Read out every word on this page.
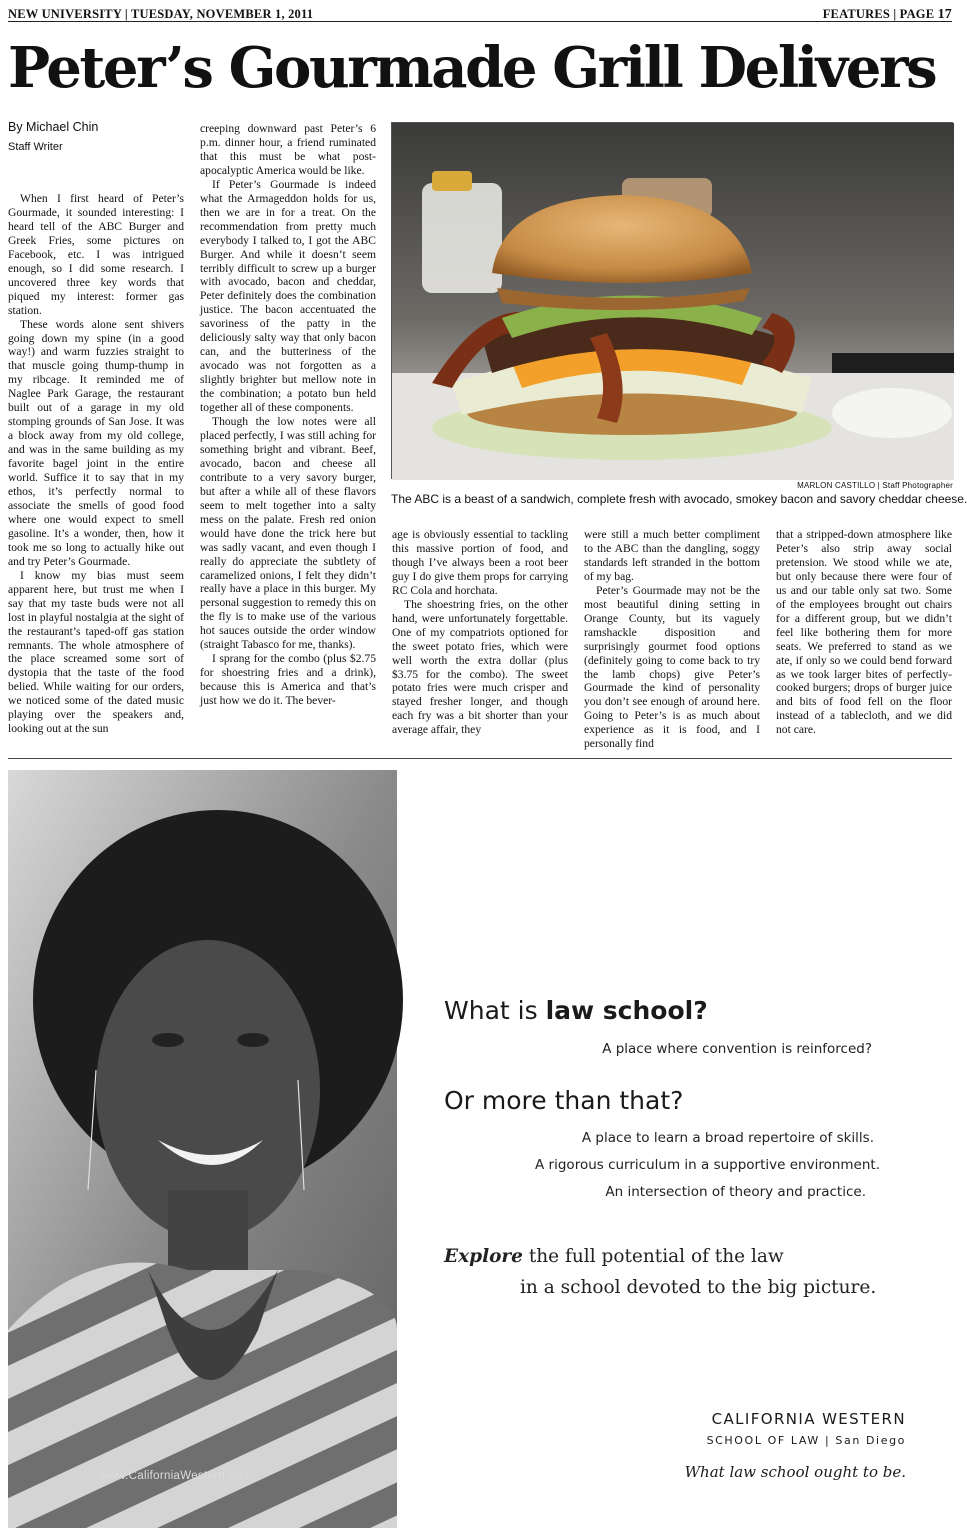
NEW UNIVERSITY | TUESDAY, NOVEMBER 1, 2011	FEATURES | PAGE 17
Peter’s Gourmade Grill Delivers
By Michael Chin
Staff Writer

When I first heard of Peter’s Gourmade, it sounded interesting: I heard tell of the ABC Burger and Greek Fries, some pictures on Facebook, etc. I was intrigued enough, so I did some research. I uncovered three key words that piqued my interest: former gas station.

These words alone sent shivers going down my spine (in a good way!) and warm fuzzies straight to that muscle going thump-thump in my ribcage. It reminded me of Naglee Park Garage, the restaurant built out of a garage in my old stomping grounds of San Jose. It was a block away from my old college, and was in the same building as my favorite bagel joint in the entire world. Suffice it to say that in my ethos, it’s perfectly normal to associate the smells of good food where one would expect to smell gasoline. It’s a wonder, then, how it took me so long to actually hike out and try Peter’s Gourmade.

I know my bias must seem apparent here, but trust me when I say that my taste buds were not all lost in playful nostalgia at the sight of the restaurant’s taped-off gas station remnants. The whole atmosphere of the place screamed some sort of dystopia that the taste of the food belied. While waiting for our orders, we noticed some of the dated music playing over the speakers and, looking out at the sun

creeping downward past Peter’s 6 p.m. dinner hour, a friend ruminated that this must be what post-apocalyptic America would be like.

If Peter’s Gourmade is indeed what the Armageddon holds for us, then we are in for a treat. On the recommendation from pretty much everybody I talked to, I got the ABC Burger. And while it doesn’t seem terribly difficult to screw up a burger with avocado, bacon and cheddar, Peter definitely does the combination justice. The bacon accentuated the savoriness of the patty in the deliciously salty way that only bacon can, and the butteriness of the avocado was not forgotten as a slightly brighter but mellow note in the combination; a potato bun held together all of these components.

Though the low notes were all placed perfectly, I was still aching for something bright and vibrant. Beef, avocado, bacon and cheese all contribute to a very savory burger, but after a while all of these flavors seem to melt together into a salty mess on the palate. Fresh red onion would have done the trick here but was sadly vacant, and even though I really do appreciate the subtlety of caramelized onions, I felt they didn’t really have a place in this burger. My personal suggestion to remedy this on the fly is to make use of the various hot sauces outside the order window (straight Tabasco for me, thanks).

I sprang for the combo (plus $2.75 for shoestring fries and a drink), because this is America and that’s just how we do it. The bever-

age is obviously essential to tackling this massive portion of food, and though I’ve always been a root beer guy I do give them props for carrying RC Cola and horchata.

The shoestring fries, on the other hand, were unfortunately forgettable. One of my compatriots optioned for the sweet potato fries, which were well worth the extra dollar (plus $3.75 for the combo). The sweet potato fries were much crisper and stayed fresher longer, and though each fry was a bit shorter than your average affair, they

were still a much better compliment to the ABC than the dangling, soggy standards left stranded in the bottom of my bag.

Peter’s Gourmade may not be the most beautiful dining setting in Orange County, but its vaguely ramshackle disposition and surprisingly gourmet food options (definitely going to come back to try the lamb chops) give Peter’s Gourmade the kind of personality you don’t see enough of around here. Going to Peter’s is as much about experience as it is food, and I personally find

that a stripped-down atmosphere like Peter’s also strip away social pretension. We stood while we ate, but only because there were four of us and our table only sat two. Some of the employees brought out chairs for a different group, but we didn’t feel like bothering them for more seats. We preferred to stand as we ate, if only so we could bend forward as we took larger bites of perfectly-cooked burgers; drops of burger juice and bits of food fell on the floor instead of a tablecloth, and we did not care.

MARLON CASTILLO | Staff Photographer
The ABC is a beast of a sandwich, complete fresh with avocado, smokey bacon and savory cheddar cheese.
www.CaliforniaWestern.edu
What is law school?
A place where convention is reinforced?
Or more than that?
A place to learn a broad repertoire of skills.
A rigorous curriculum in a supportive environment.
An intersection of theory and practice.
Explore the full potential of the law
in a school devoted to the big picture.
CALIFORNIA WESTERN
SCHOOL OF LAW | San Diego
What law school ought to be.
